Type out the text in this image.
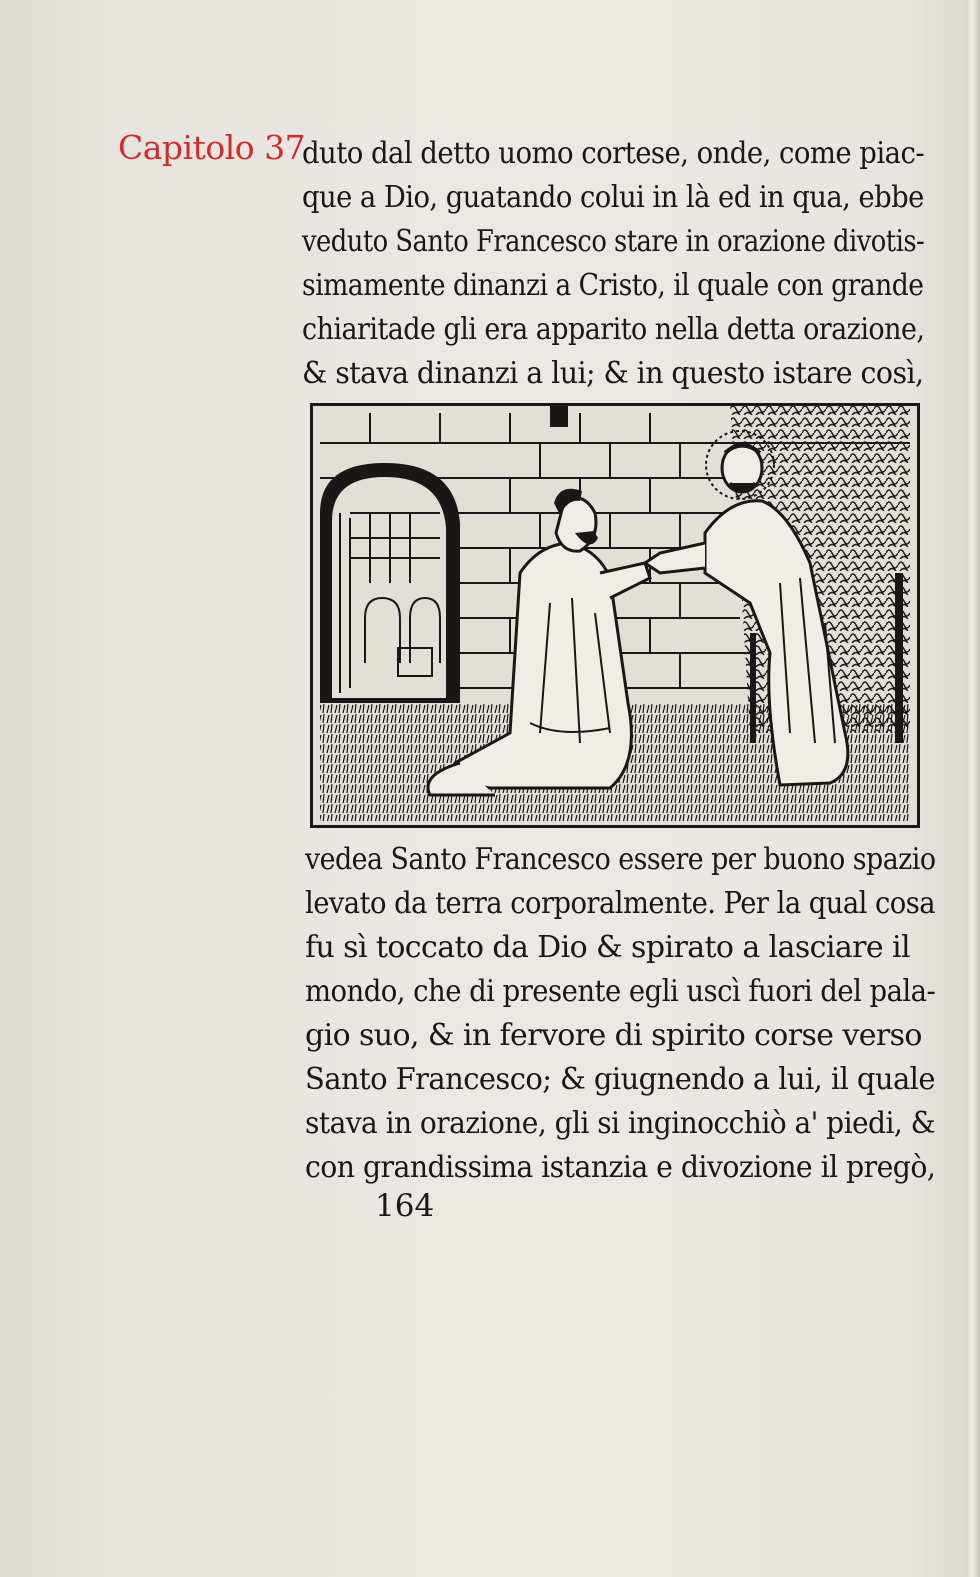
Capitolo 37
duto dal detto uomo cortese, onde, come piac-
que a Dio, guatando colui in là ed in qua, ebbe
veduto Santo Francesco stare in orazione divotis-
simamente dinanzi a Cristo, il quale con grande
chiaritade gli era apparito nella detta orazione,
& stava dinanzi a lui; & in questo istare così,
vedea Santo Francesco essere per buono spazio
levato da terra corporalmente. Per la qual cosa
fu sì toccato da Dio & spirato a lasciare il
mondo, che di presente egli uscì fuori del pala-
gio suo, & in fervore di spirito corse verso
Santo Francesco; & giugnendo a lui, il quale
stava in orazione, gli si inginocchiò a' piedi, &
con grandissima istanzia e divozione il pregò,
164
